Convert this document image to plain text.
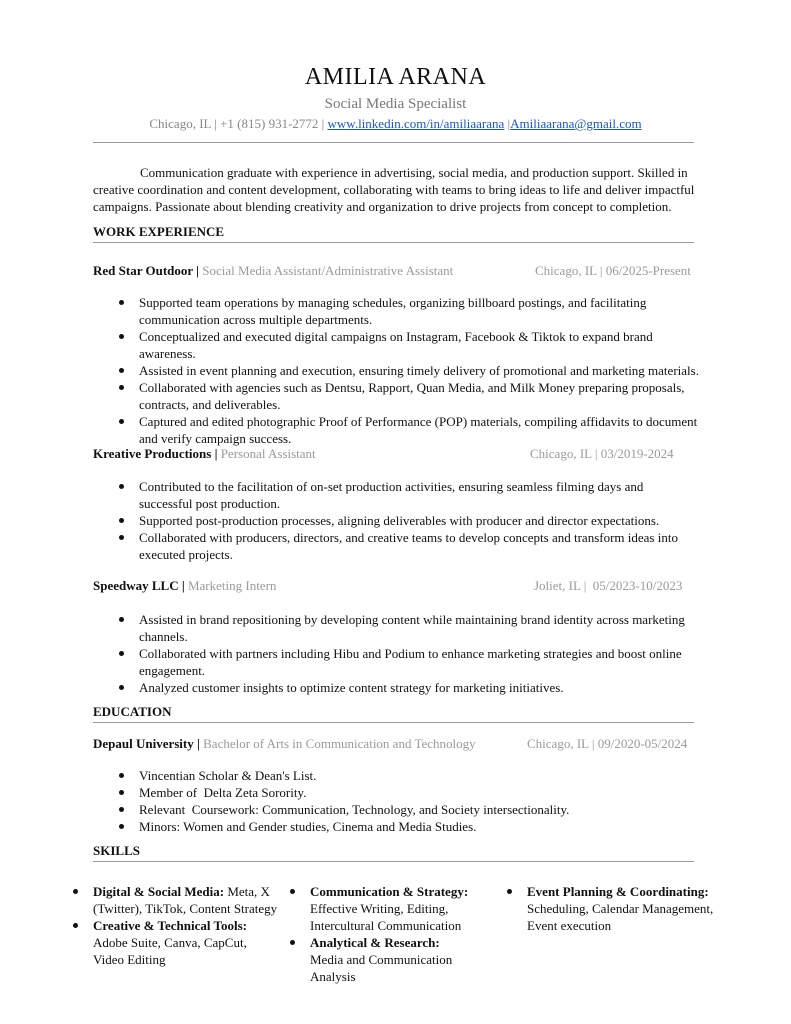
AMILIA ARANA
Social Media Specialist
Chicago, IL | +1 (815) 931-2772 | www.linkedin.com/in/amiliaarana |Amiliaarana@gmail.com
Communication graduate with experience in advertising, social media, and production support. Skilled in creative coordination and content development, collaborating with teams to bring ideas to life and deliver impactful campaigns. Passionate about blending creativity and organization to drive projects from concept to completion.
WORK EXPERIENCE
Red Star Outdoor | Social Media Assistant/Administrative Assistant	Chicago, IL | 06/2025-Present
Supported team operations by managing schedules, organizing billboard postings, and facilitating communication across multiple departments.
Conceptualized and executed digital campaigns on Instagram, Facebook & Tiktok to expand brand awareness.
Assisted in event planning and execution, ensuring timely delivery of promotional and marketing materials.
Collaborated with agencies such as Dentsu, Rapport, Quan Media, and Milk Money preparing proposals, contracts, and deliverables.
Captured and edited photographic Proof of Performance (POP) materials, compiling affidavits to document and verify campaign success.
Kreative Productions | Personal Assistant	Chicago, IL | 03/2019-2024
Contributed to the facilitation of on-set production activities, ensuring seamless filming days and successful post production.
Supported post-production processes, aligning deliverables with producer and director expectations.
Collaborated with producers, directors, and creative teams to develop concepts and transform ideas into executed projects.
Speedway LLC | Marketing Intern	Joliet, IL |  05/2023-10/2023
Assisted in brand repositioning by developing content while maintaining brand identity across marketing channels.
Collaborated with partners including Hibu and Podium to enhance marketing strategies and boost online engagement.
Analyzed customer insights to optimize content strategy for marketing initiatives.
EDUCATION
Depaul University | Bachelor of Arts in Communication and Technology	Chicago, IL | 09/2020-05/2024
Vincentian Scholar & Dean's List.
Member of  Delta Zeta Sorority.
Relevant  Coursework: Communication, Technology, and Society intersectionality.
Minors: Women and Gender studies, Cinema and Media Studies.
SKILLS
Digital & Social Media: Meta, X (Twitter), TikTok, Content Strategy
Creative & Technical Tools:
Adobe Suite, Canva, CapCut, Video Editing
Communication & Strategy:
Effective Writing, Editing, Intercultural Communication
Analytical & Research:
Media and Communication Analysis
Event Planning & Coordinating:
Scheduling, Calendar Management, Event execution
